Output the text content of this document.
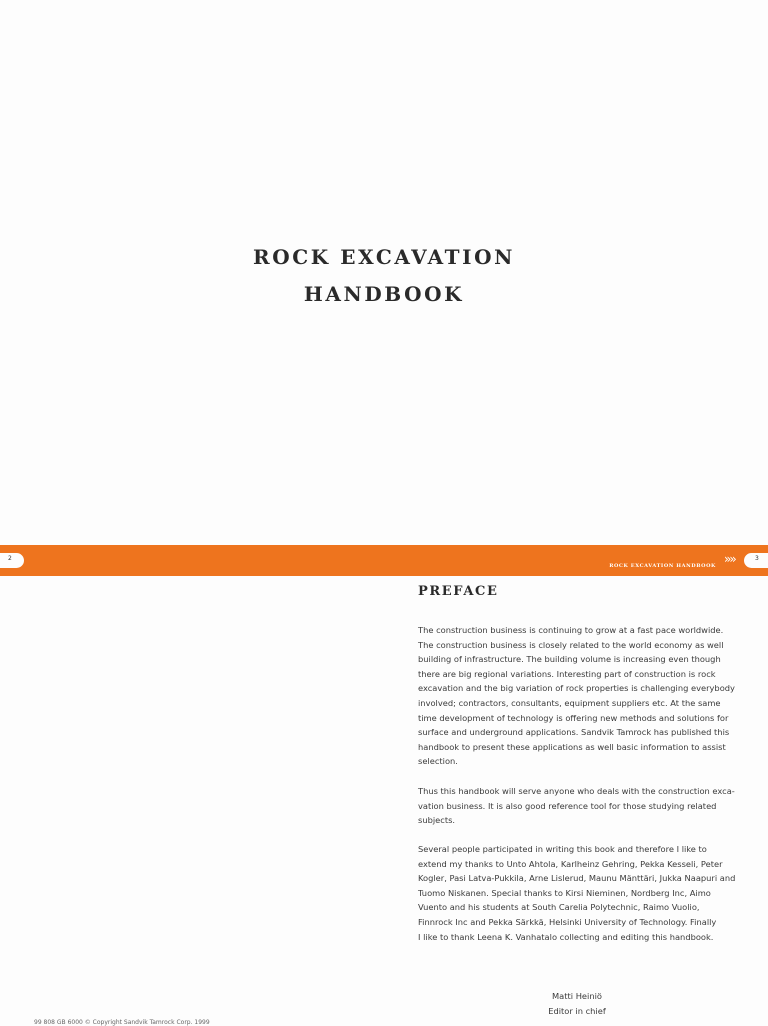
ROCK EXCAVATION
HANDBOOK
2	3
ROCK EXCAVATION HANDBOOK »»
PREFACE

The construction business is continuing to grow at a fast pace worldwide.
The construction business is closely related to the world economy as well
building of infrastructure. The building volume is increasing even though
there are big regional variations. Interesting part of construction is rock
excavation and the big variation of rock properties is challenging everybody
involved; contractors, consultants, equipment suppliers etc. At the same
time development of technology is offering new methods and solutions for
surface and underground applications. Sandvik Tamrock has published this
handbook to present these applications as well basic information to assist
selection.

Thus this handbook will serve anyone who deals with the construction exca-
vation business. It is also good reference tool for those studying related
subjects.

Several people participated in writing this book and therefore I like to
extend my thanks to Unto Ahtola, Karlheinz Gehring, Pekka Kesseli, Peter
Kogler, Pasi Latva-Pukkila, Arne Lislerud, Maunu Mänttäri, Jukka Naapuri and
Tuomo Niskanen. Special thanks to Kirsi Nieminen, Nordberg Inc, Aimo
Vuento and his students at South Carelia Polytechnic, Raimo Vuolio,
Finnrock Inc and Pekka Särkkä, Helsinki University of Technology. Finally
I like to thank Leena K. Vanhatalo collecting and editing this handbook.

Matti Heiniö
Editor in chief
99 808 GB 6000 © Copyright Sandvik Tamrock Corp. 1999
